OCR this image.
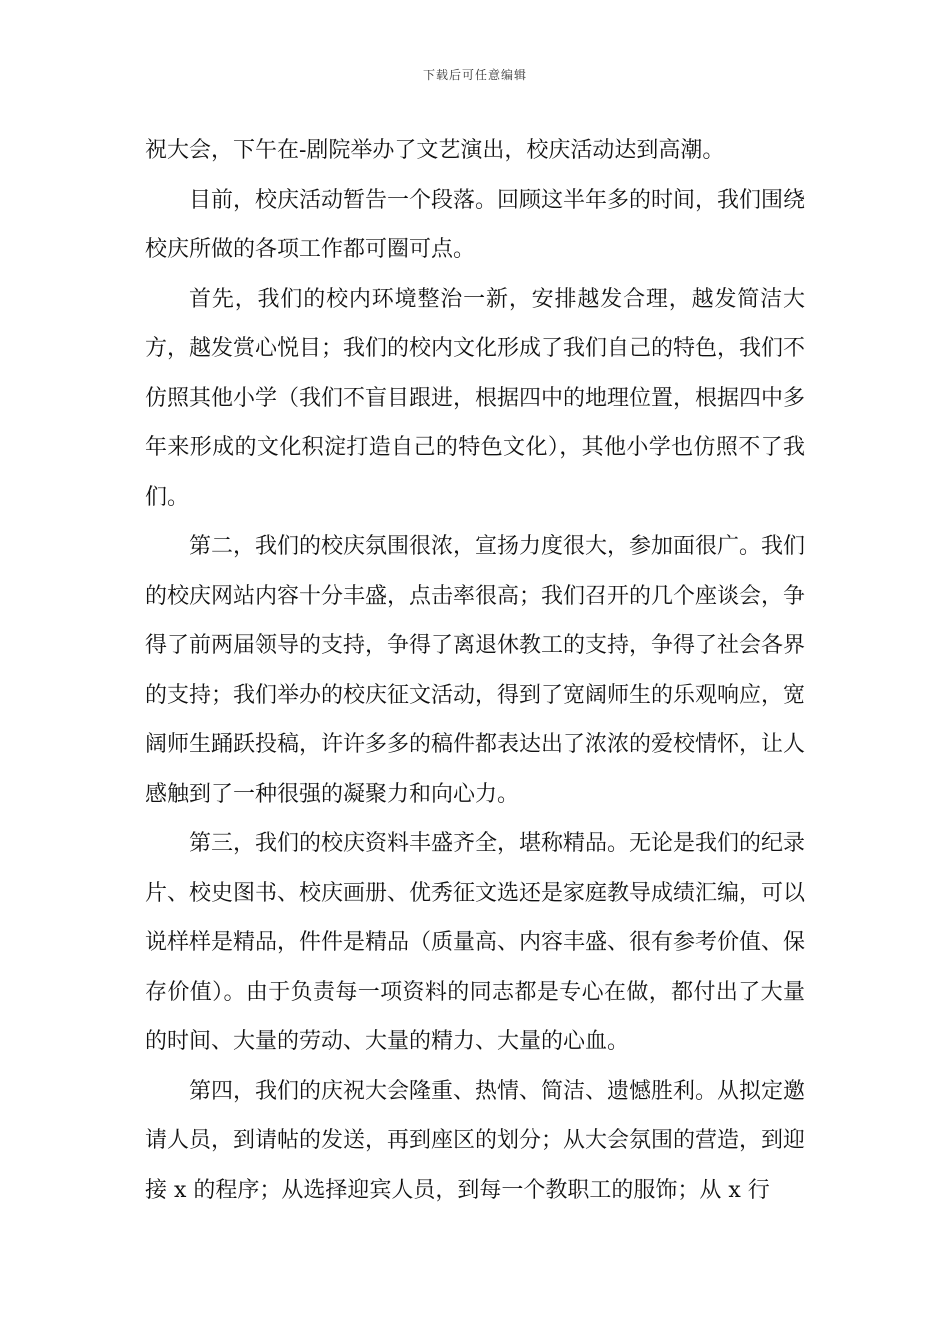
下载后可任意编辑

祝大会，下午在-剧院举办了文艺演出，校庆活动达到高潮。

目前，校庆活动暂告一个段落。回顾这半年多的时间，我们围绕校庆所做的各项工作都可圈可点。

首先，我们的校内环境整治一新，安排越发合理，越发简洁大方，越发赏心悦目；我们的校内文化形成了我们自己的特色，我们不仿照其他小学（我们不盲目跟进，根据四中的地理位置，根据四中多年来形成的文化积淀打造自己的特色文化），其他小学也仿照不了我们。

第二，我们的校庆氛围很浓，宣扬力度很大，参加面很广。我们的校庆网站内容十分丰盛，点击率很高；我们召开的几个座谈会，争得了前两届领导的支持，争得了离退休教工的支持，争得了社会各界的支持；我们举办的校庆征文活动，得到了宽阔师生的乐观响应，宽阔师生踊跃投稿，许许多多的稿件都表达出了浓浓的爱校情怀，让人感触到了一种很强的凝聚力和向心力。

第三，我们的校庆资料丰盛齐全，堪称精品。无论是我们的纪录片、校史图书、校庆画册、优秀征文选还是家庭教导成绩汇编，可以说样样是精品，件件是精品（质量高、内容丰盛、很有参考价值、保存价值）。由于负责每一项资料的同志都是专心在做，都付出了大量的时间、大量的劳动、大量的精力、大量的心血。

第四，我们的庆祝大会隆重、热情、简洁、遗憾胜利。从拟定邀请人员，到请帖的发送，再到座区的划分；从大会氛围的营造，到迎接 x 的程序；从选择迎宾人员，到每一个教职工的服饰；从 x 行
